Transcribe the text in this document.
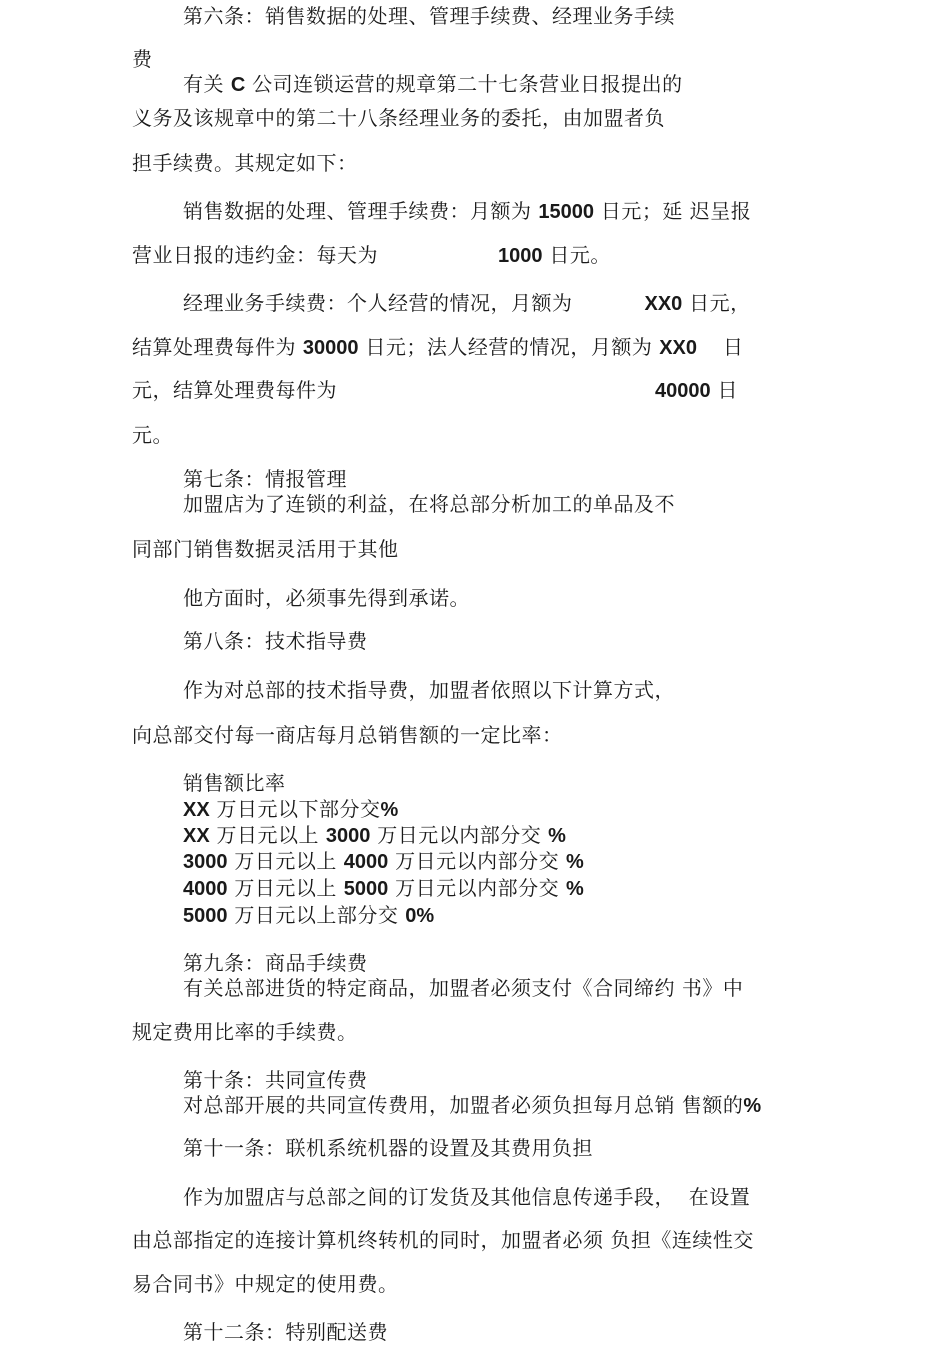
第六条：销售数据的处理、管理手续费、经理业务手续
费
有关 C 公司连锁运营的规章第二十七条营业日报提出的
义务及该规章中的第二十八条经理业务的委托，由加盟者负
担手续费。其规定如下：
销售数据的处理、管理手续费：月额为 15000 日元；延 迟呈报
营业日报的违约金：每天为	1000 日元。
经理业务手续费：个人经营的情况，月额为	XX0 日元，
结算处理费每件为 30000 日元；法人经营的情况，月额为 XX0 日
元，结算处理费每件为	40000 日
元。
第七条：情报管理
加盟店为了连锁的利益，在将总部分析加工的单品及不
同部门销售数据灵活用于其他
他方面时，必须事先得到承诺。
第八条：技术指导费
作为对总部的技术指导费，加盟者依照以下计算方式，
向总部交付每一商店每月总销售额的一定比率：
销售额比率
XX 万日元以下部分交%
XX 万日元以上 3000 万日元以内部分交 %
3000 万日元以上 4000 万日元以内部分交 %
4000 万日元以上 5000 万日元以内部分交 %
5000 万日元以上部分交 0%
第九条：商品手续费
有关总部进货的特定商品，加盟者必须支付《合同缔约 书》中
规定费用比率的手续费。
第十条：共同宣传费
对总部开展的共同宣传费用，加盟者必须负担每月总销 售额的%
第十一条：联机系统机器的设置及其费用负担
作为加盟店与总部之间的订发货及其他信息传递手段，  在设置
由总部指定的连接计算机终转机的同时，加盟者必须 负担《连续性交
易合同书》中规定的使用费。
第十二条：特别配送费
